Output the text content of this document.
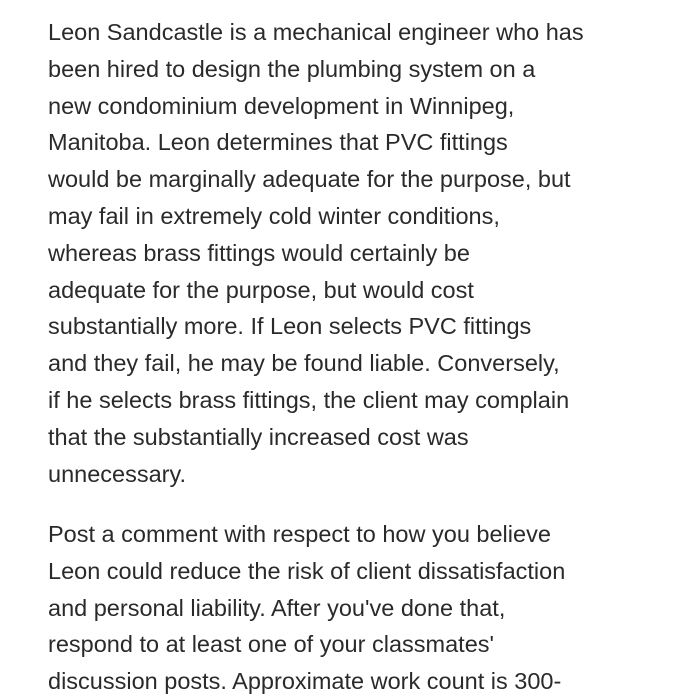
Leon Sandcastle is a mechanical engineer who has
been hired to design the plumbing system on a
new condominium development in Winnipeg,
Manitoba. Leon determines that PVC fittings
would be marginally adequate for the purpose, but
may fail in extremely cold winter conditions,
whereas brass fittings would certainly be
adequate for the purpose, but would cost
substantially more. If Leon selects PVC fittings
and they fail, he may be found liable. Conversely,
if he selects brass fittings, the client may complain
that the substantially increased cost was
unnecessary.

Post a comment with respect to how you believe
Leon could reduce the risk of client dissatisfaction
and personal liability. After you've done that,
respond to at least one of your classmates'
discussion posts. Approximate work count is 300-
